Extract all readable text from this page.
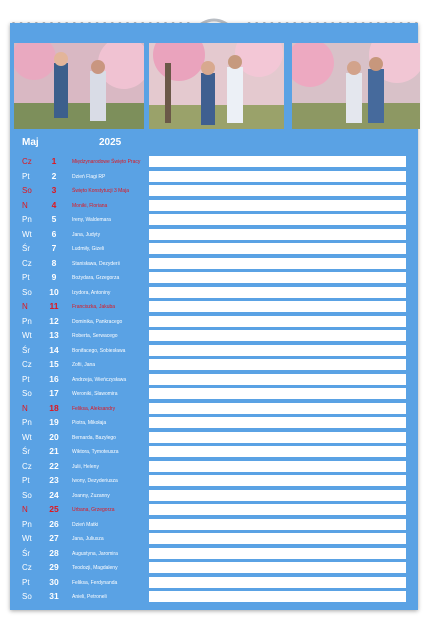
Maj	2025
Cz	1	Międzynarodowe Święto Pracy
Pt	2	Dzień Flagi RP
So	3	Święto Konstytucji 3 Maja
N	4	Moniki, Floriana
Pn	5	Ireny, Waldemara
Wt	6	Jana, Judyty
Śr	7	Ludmiły, Gizeli
Cz	8	Stanisława, Dezyderii
Pt	9	Bożydara, Grzegorza
So	10	Izydora, Antoniny
N	11	Franciszka, Jakuba
Pn	12	Dominika, Pankracego
Wt	13	Roberta, Serwacego
Śr	14	Bonifacego, Sobiesława
Cz	15	Zofii, Jana
Pt	16	Andrzeja, Wieńczysława
So	17	Weroniki, Sławomira
N	18	Feliksa, Aleksandry
Pn	19	Piotra, Mikołaja
Wt	20	Bernarda, Bazylego
Śr	21	Wiktora, Tymoteusza
Cz	22	Julii, Heleny
Pt	23	Iwony, Dezyderiusza
So	24	Joanny, Zuzanny
N	25	Urbana, Grzegorza
Pn	26	Dzień Matki
Wt	27	Jana, Juliusza
Śr	28	Augustyna, Jaromira
Cz	29	Teodozji, Magdaleny
Pt	30	Feliksa, Ferdynanda
So	31	Anieli, Petroneli
